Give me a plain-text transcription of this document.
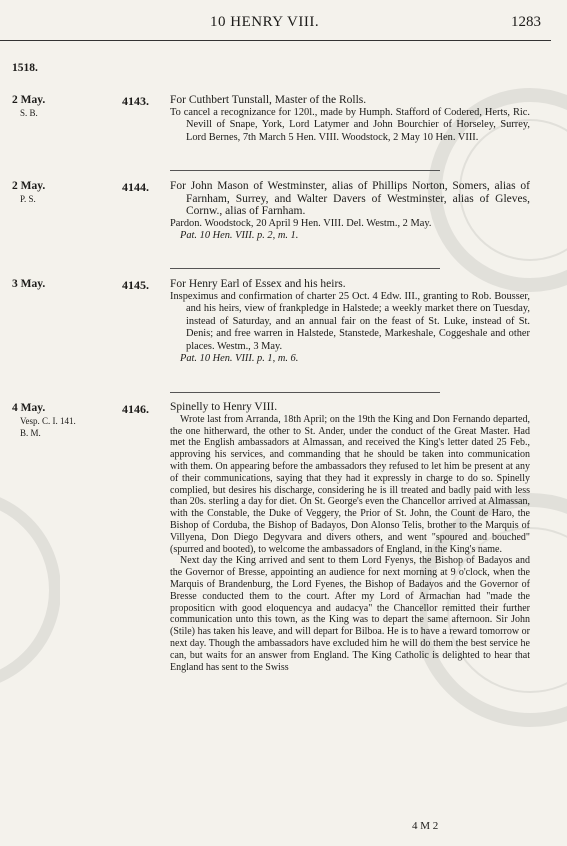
10 HENRY VIII.	1283
1518.
2 May.
S. B.
4143. For Cuthbert Tunstall, Master of the Rolls.

To cancel a recognizance for 120l., made by Humph. Stafford of Codered, Herts, Ric. Nevill of Snape, York, Lord Latymer and John Bourchier of Horseley, Surrey, Lord Bernes, 7th March 5 Hen. VIII. Woodstock, 2 May 10 Hen. VIII.

2 May.
P. S.
4144. For John Mason of Westminster, alias of Phillips Norton, Somers, alias of Farnham, Surrey, and Walter Davers of Westminster, alias of Gleves, Cornw., alias of Farnham.

Pardon. Woodstock, 20 April 9 Hen. VIII. Del. Westm., 2 May.

Pat. 10 Hen. VIII. p. 2, m. 1.

3 May.	4145. For Henry Earl of Essex and his heirs.

Inspeximus and confirmation of charter 25 Oct. 4 Edw. III., granting to Rob. Bousser, and his heirs, view of frankpledge in Halstede; a weekly market there on Tuesday, instead of Saturday, and an annual fair on the feast of St. Luke, instead of St. Denis; and free warren in Halstede, Stanstede, Markeshale, Coggeshale and other places. Westm., 3 May.

Pat. 10 Hen. VIII. p. 1, m. 6.

4 May.
Vesp. C. I. 141.
B. M.
4146. Spinelly to Henry VIII.

Wrote last from Arranda, 18th April; on the 19th the King and Don Fernando departed, the one hitherward, the other to St. Ander, under the conduct of the Great Master. Had met the English ambassadors at Almassan, and received the King's letter dated 25 Feb., approving his services, and commanding that he should be taken into communication with them. On appearing before the ambassadors they refused to let him be present at any of their communications, saying that they had it expressly in charge to do so. Spinelly complied, but desires his discharge, considering he is ill treated and badly paid with less than 20s. sterling a day for diet. On St. George's even the Chancellor arrived at Almassan, with the Constable, the Duke of Veggery, the Prior of St. John, the Count de Haro, the Bishop of Corduba, the Bishop of Badayos, Don Alonso Telis, brother to the Marquis of Villyena, Don Diego Degyvara and divers others, and went "spoured and bouched" (spurred and booted), to welcome the ambassadors of England, in the King's name.

Next day the King arrived and sent to them Lord Fyenys, the Bishop of Badayos and the Governor of Bresse, appointing an audience for next morning at 9 o'clock, when the Marquis of Brandenburg, the Lord Fyenes, the Bishop of Badayos and the Governor of Bresse conducted them to the court. After my Lord of Armachan had "made the propositicn with good eloquencya and audacya" the Chancellor remitted their further communication unto this town, as the King was to depart the same afternoon. Sir John (Stile) has taken his leave, and will depart for Bilboa. He is to have a reward tomorrow or next day. Though the ambassadors have excluded him he will do them the best service he can, but waits for an answer from England. The King Catholic is delighted to hear that England has sent to the Swiss

4 M 2
